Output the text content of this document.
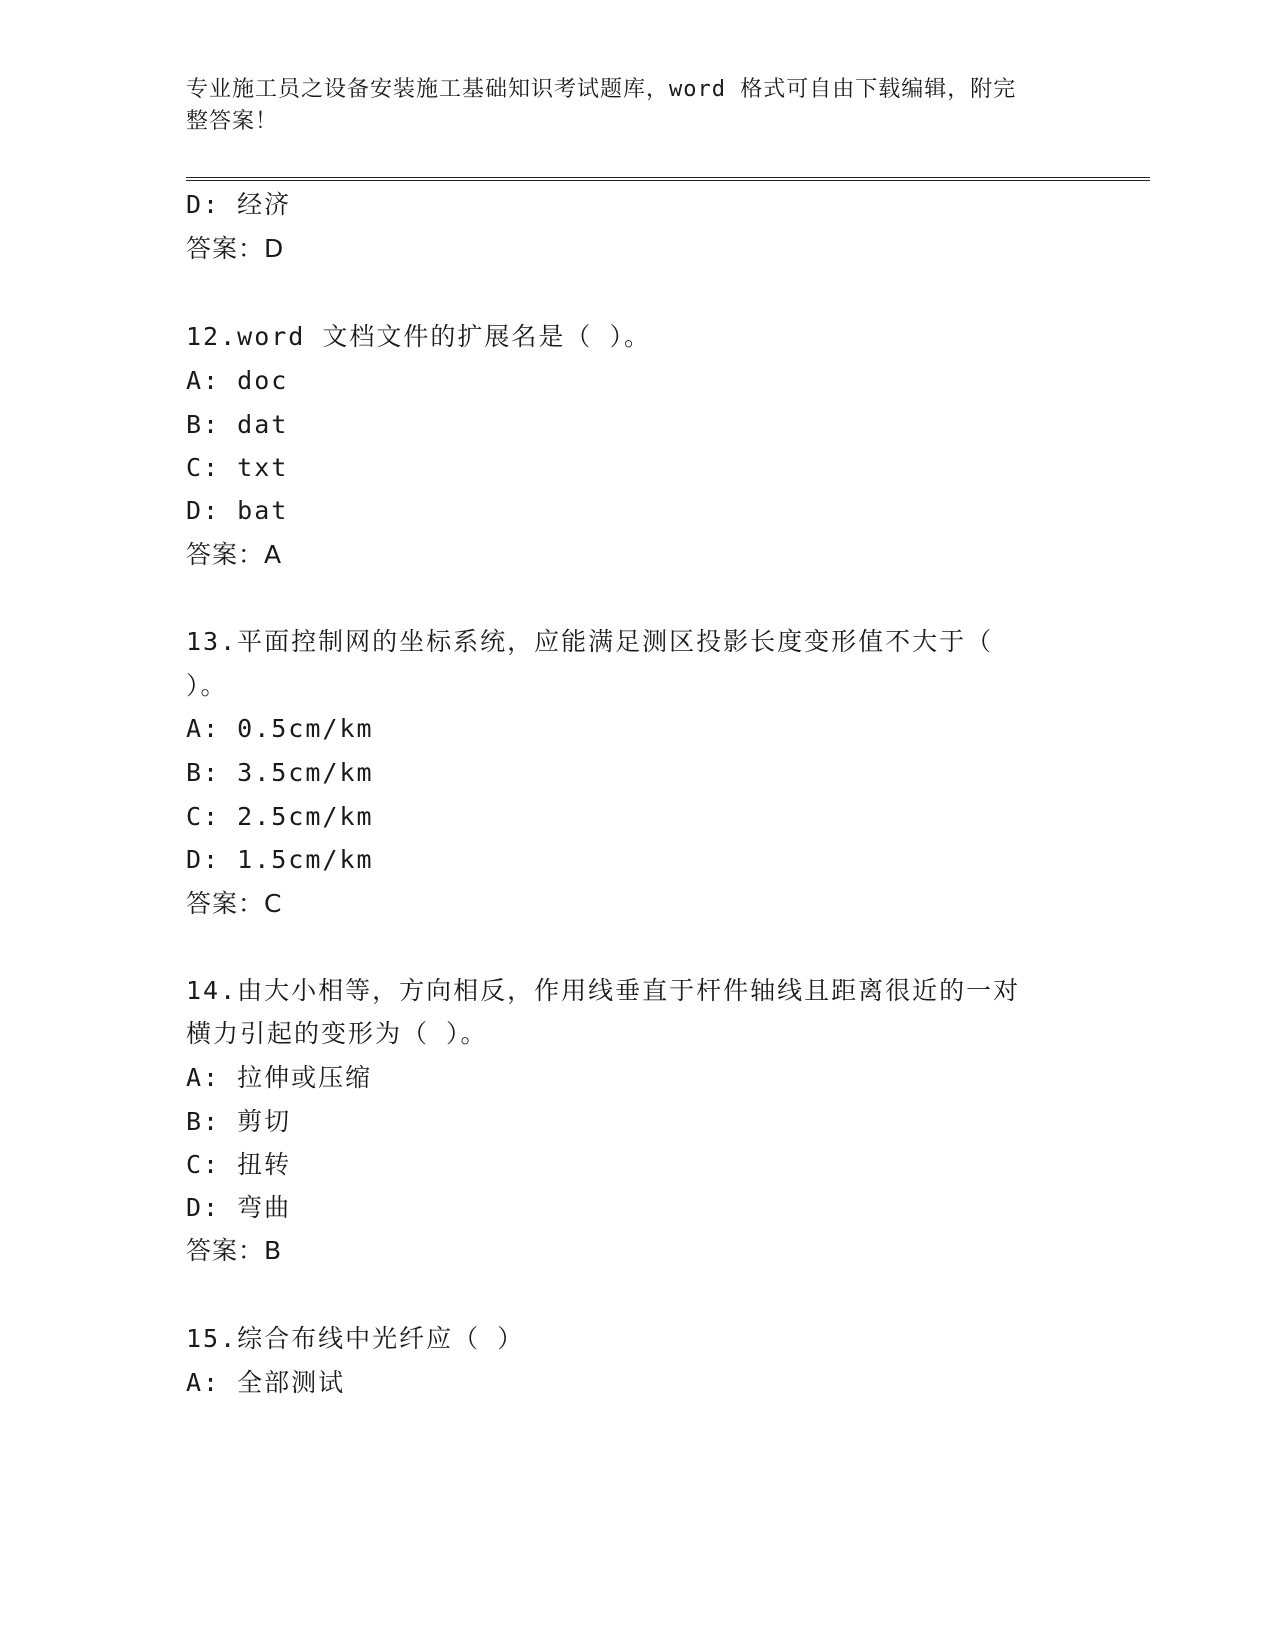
专业施工员之设备安装施工基础知识考试题库，word 格式可自由下载编辑，附完
整答案！
D: 经济
答案：D
12.word 文档文件的扩展名是（ ）。
A: doc
B: dat
C: txt
D: bat
答案：A
13.平面控制网的坐标系统，应能满足测区投影长度变形值不大于（
）。
A: 0.5cm/km
B: 3.5cm/km
C: 2.5cm/km
D: 1.5cm/km
答案：C
14.由大小相等，方向相反，作用线垂直于杆件轴线且距离很近的一对
横力引起的变形为（ ）。
A: 拉伸或压缩
B: 剪切
C: 扭转
D: 弯曲
答案：B
15.综合布线中光纤应（ ）
A: 全部测试
